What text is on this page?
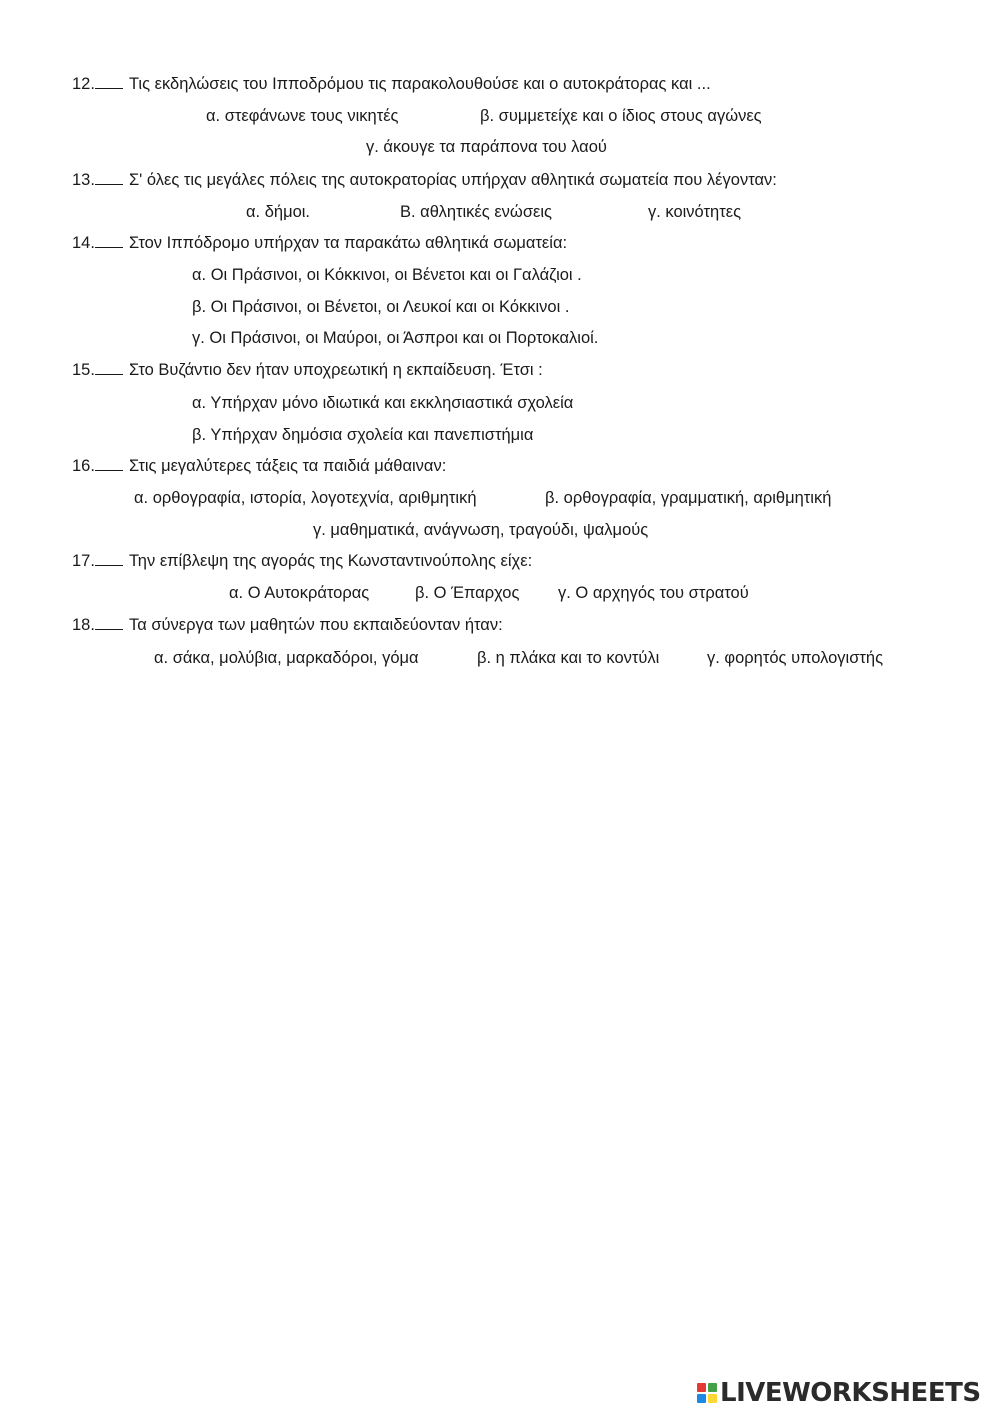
12. Τις εκδηλώσεις του Ιπποδρόμου τις παρακολουθούσε και ο αυτοκράτορας και ...
α. στεφάνωνε τους νικητές	β. συμμετείχε και ο ίδιος στους αγώνες
γ. άκουγε τα παράπονα του λαού
13. Σ' όλες τις μεγάλες πόλεις της αυτοκρατορίας υπήρχαν αθλητικά σωματεία που λέγονταν:
α. δήμοι.	Β. αθλητικές ενώσεις	γ. κοινότητες
14. Στον Ιππόδρομο υπήρχαν τα παρακάτω αθλητικά σωματεία:
α. Οι Πράσινοι, οι Κόκκινοι, οι Βένετοι και οι Γαλάζιοι .
β. Οι Πράσινοι, οι Βένετοι, οι Λευκοί και οι Κόκκινοι .
γ. Οι Πράσινοι, οι Μαύροι, οι Άσπροι και οι Πορτοκαλιοί.
15. Στο Βυζάντιο δεν ήταν υποχρεωτική η εκπαίδευση. Έτσι :
α. Υπήρχαν μόνο ιδιωτικά και εκκλησιαστικά σχολεία
β. Υπήρχαν δημόσια σχολεία και πανεπιστήμια
16. Στις μεγαλύτερες τάξεις τα παιδιά μάθαιναν:
α. ορθογραφία, ιστορία, λογοτεχνία, αριθμητική	β. ορθογραφία, γραμματική, αριθμητική
γ. μαθηματικά, ανάγνωση, τραγούδι, ψαλμούς
17. Την επίβλεψη της αγοράς της Κωνσταντινούπολης είχε:
α. Ο Αυτοκράτορας	β. Ο Έπαρχος γ. Ο αρχηγός του στρατού
18. Τα σύνεργα των μαθητών που εκπαιδεύονταν ήταν:
α. σάκα, μολύβια, μαρκαδόροι, γόμα	β. η πλάκα και το κοντύλι	γ. φορητός υπολογιστής
LIVEWORKSHEETS
